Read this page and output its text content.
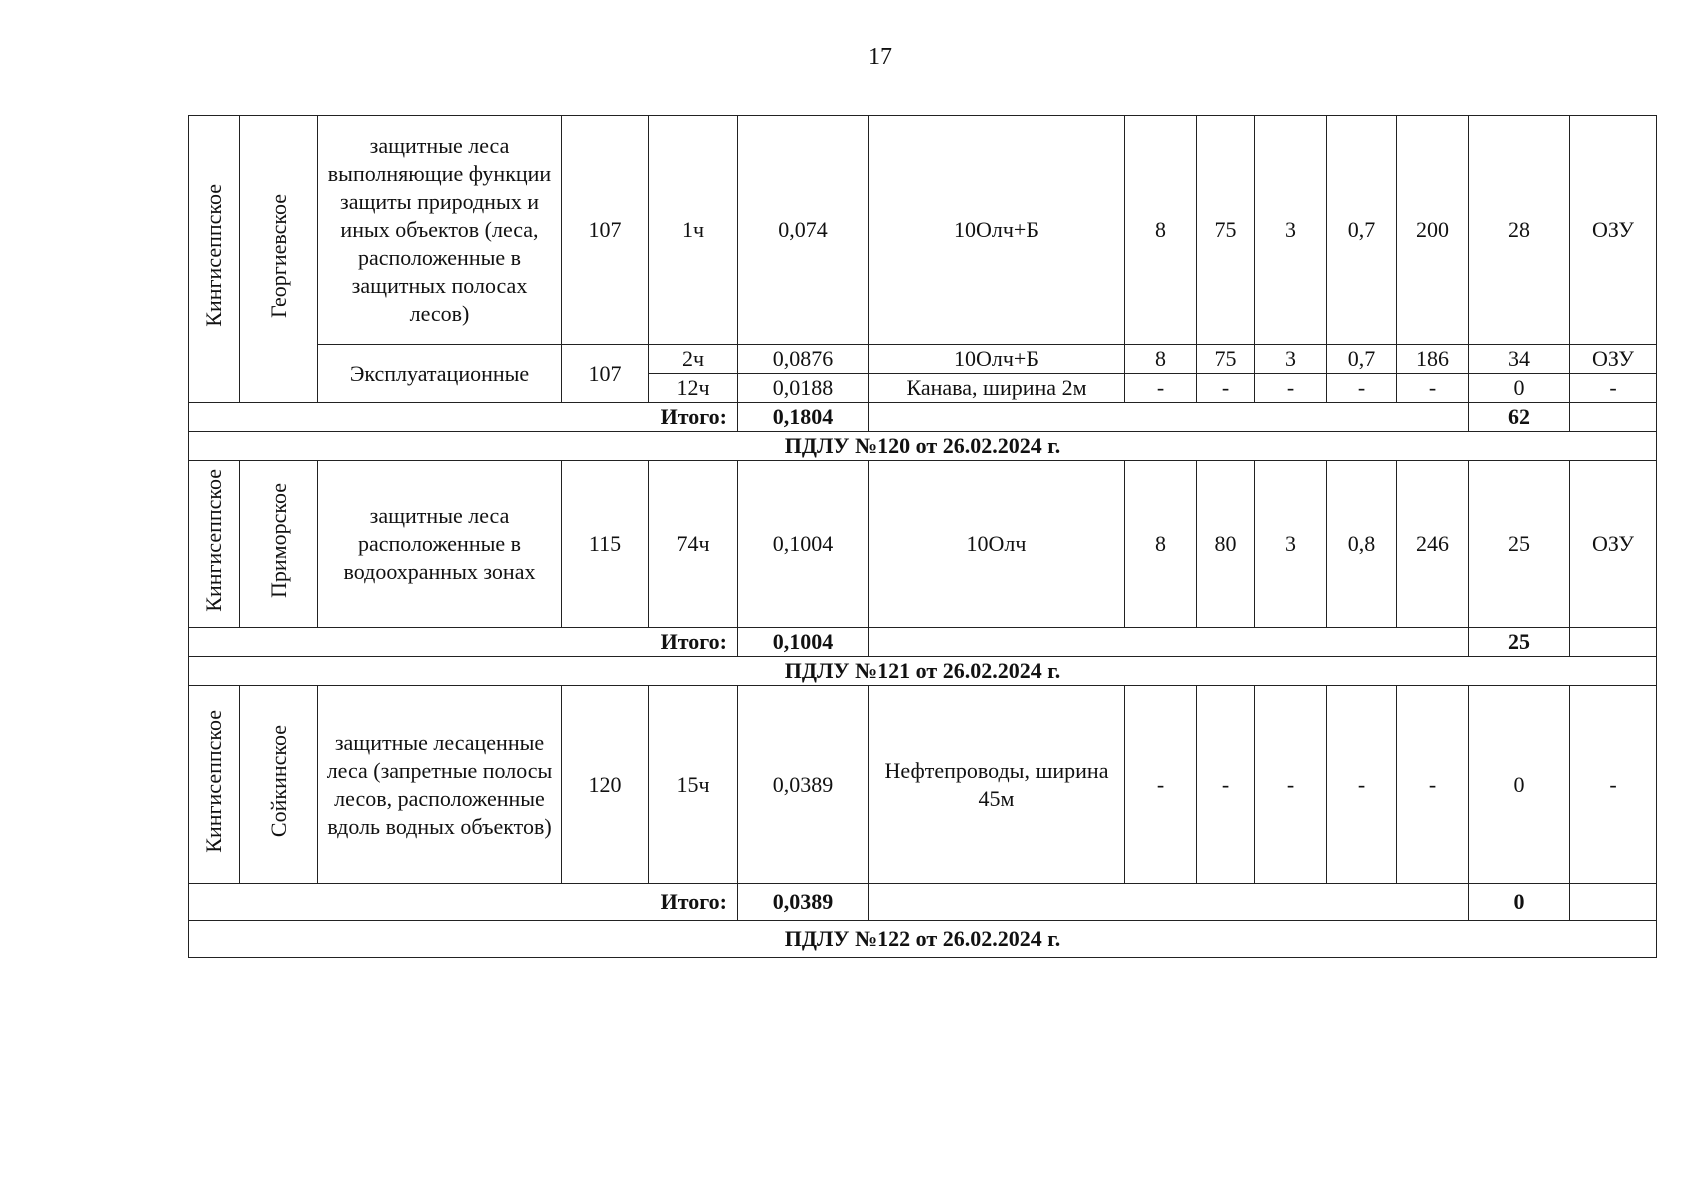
17
Кингисеппское	Георгиевское	защитные леса выполняющие функции защиты природных и иных объектов (леса, расположенные в защитных полосах лесов)	107	1ч	0,074	10Олч+Б	8	75	3	0,7	200	28	ОЗУ
		Эксплуатационные	107	2ч	0,0876	10Олч+Б	8	75	3	0,7	186	34	ОЗУ
				12ч	0,0188	Канава, ширина 2м	-	-	-	-	-	0	-
Итого:					0,1804							62	
ПДЛУ №120 от 26.02.2024 г.													
Кингисеппское	Приморское	защитные леса расположенные в водоохранных зонах	115	74ч	0,1004	10Олч	8	80	3	0,8	246	25	ОЗУ
Итого:					0,1004							25	
ПДЛУ №121 от 26.02.2024 г.													
Кингисеппское	Сойкинское	защитные лесаценные леса (запретные полосы лесов, расположенные вдоль водных объектов)	120	15ч	0,0389	Нефтепроводы, ширина 45м	-	-	-	-	-	0	-
Итого:					0,0389							0	
ПДЛУ №122 от 26.02.2024 г.													
